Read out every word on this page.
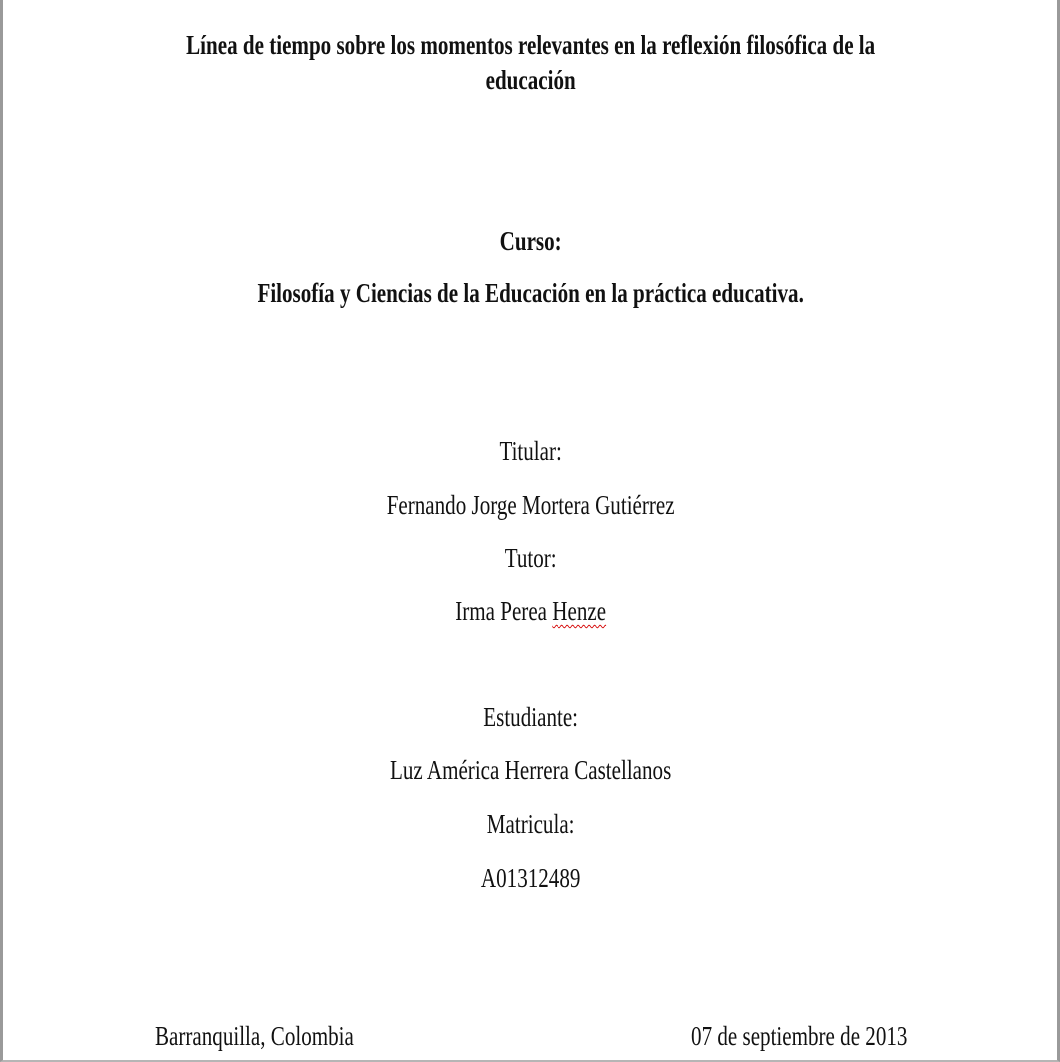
Línea de tiempo sobre los momentos relevantes en la reflexión filosófica de la
educación
Curso:
Filosofía y Ciencias de la Educación en la práctica educativa.
Titular:
Fernando Jorge Mortera Gutiérrez
Tutor:
Irma Perea Henze
Estudiante:
Luz América Herrera Castellanos
Matricula:
A01312489
Barranquilla, Colombia	07 de septiembre de 2013
